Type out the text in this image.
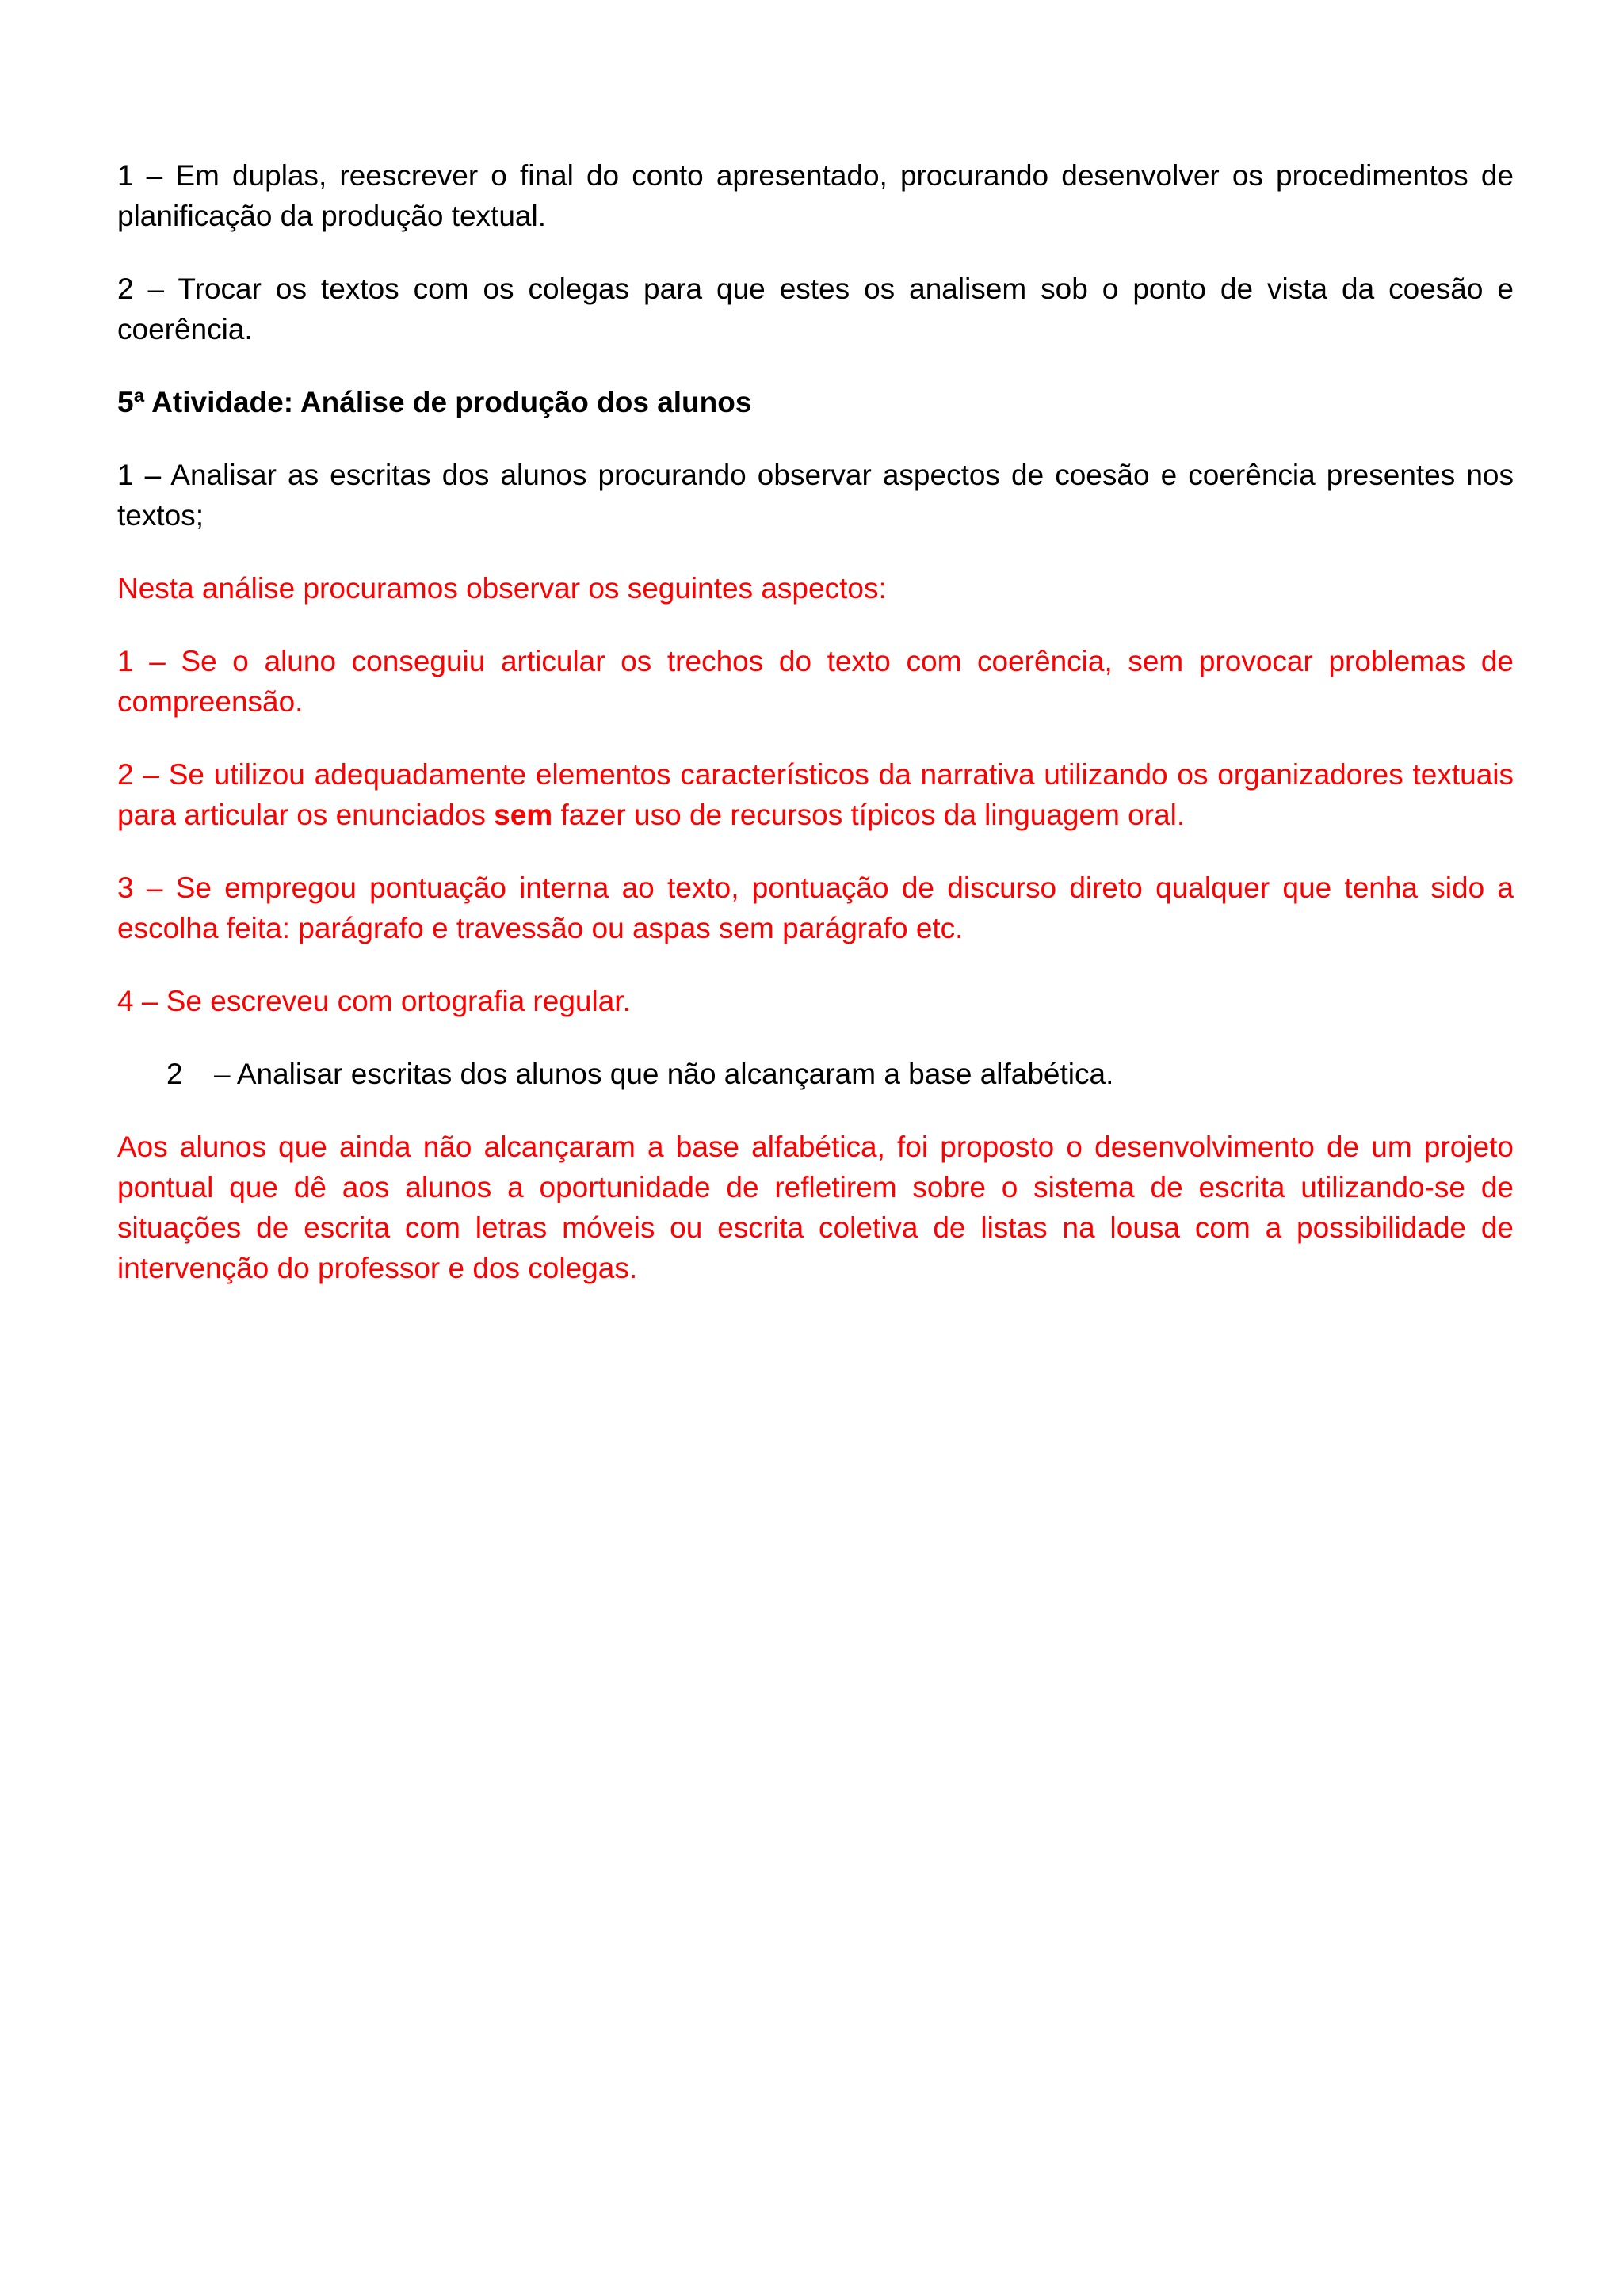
1 – Em duplas, reescrever o final do conto apresentado, procurando desenvolver os procedimentos de planificação da produção textual.

2 – Trocar os textos com os colegas para que estes os analisem sob o ponto de vista da coesão e coerência.

5ª Atividade: Análise de produção dos alunos

1 – Analisar as escritas dos alunos procurando observar aspectos de coesão e coerência presentes nos textos;

Nesta análise procuramos observar os seguintes aspectos:

1 – Se o aluno conseguiu articular os trechos do texto com coerência, sem provocar problemas de compreensão.

2 – Se utilizou adequadamente elementos característicos da narrativa utilizando os organizadores textuais para articular os enunciados sem fazer uso de recursos típicos da linguagem oral.

3 – Se empregou pontuação interna ao texto, pontuação de discurso direto qualquer que tenha sido a escolha feita: parágrafo e travessão ou aspas sem parágrafo etc.

4 – Se escreveu com ortografia regular.

2	– Analisar escritas dos alunos que não alcançaram a base alfabética.

Aos alunos que ainda não alcançaram a base alfabética, foi proposto o desenvolvimento de um projeto pontual que dê aos alunos a oportunidade de refletirem sobre o sistema de escrita utilizando-se de situações de escrita com letras móveis ou escrita coletiva de listas na lousa com a possibilidade de intervenção do professor e dos colegas.
